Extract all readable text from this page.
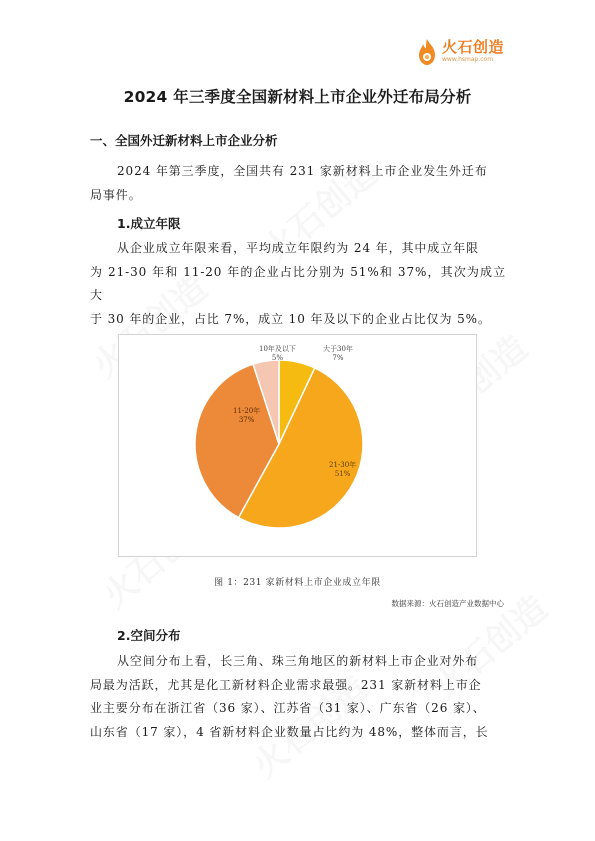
火石创造
www.hsmap.com
2024 年三季度全国新材料上市企业外迁布局分析
一、全国外迁新材料上市企业分析
2024 年第三季度，全国共有 231 家新材料上市企业发生外迁布
局事件。
1.成立年限
从企业成立年限来看，平均成立年限约为 24 年，其中成立年限
为 21-30 年和 11-20 年的企业占比分别为 51%和 37%，其次为成立大
于 30 年的企业，占比 7%，成立 10 年及以下的企业占比仅为 5%。
大于30年
7%
21-30年
51%
11-20年
37%
10年及以下
5%
图 1：231 家新材料上市企业成立年限
数据来源：火石创造产业数据中心
2.空间分布
从空间分布上看，长三角、珠三角地区的新材料上市企业对外布
局最为活跃，尤其是化工新材料企业需求最强。231 家新材料上市企
业主要分布在浙江省（36 家）、江苏省（31 家）、广东省（26 家）、
山东省（17 家），4 省新材料企业数量占比约为 48%，整体而言，长
